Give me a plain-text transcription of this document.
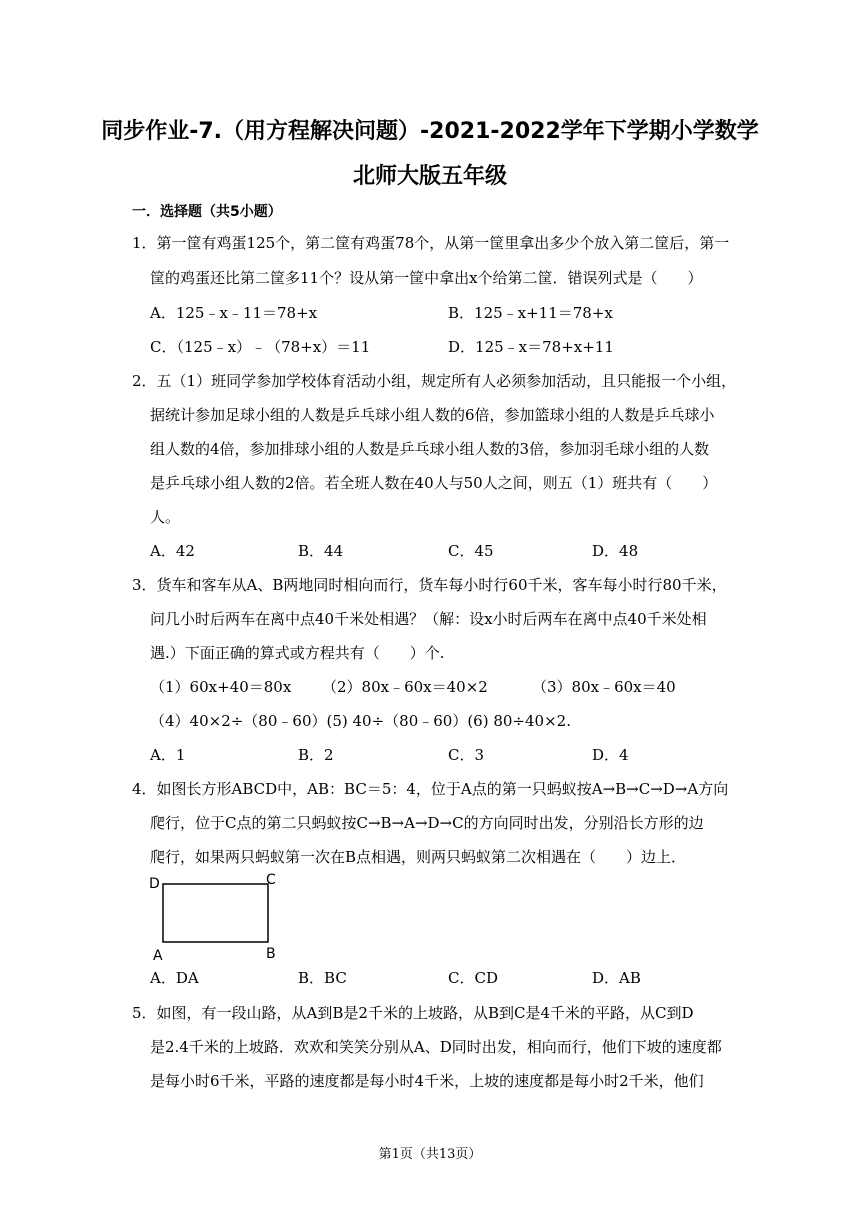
同步作业-7.（用方程解决问题）-2021-2022学年下学期小学数学
北师大版五年级
一．选择题（共5小题）
1．第一筐有鸡蛋125个，第二筐有鸡蛋78个，从第一筐里拿出多少个放入第二筐后，第一
筐的鸡蛋还比第二筐多11个？设从第一筐中拿出x个给第二筐．错误列式是（　　）
A．125﹣x﹣11＝78+x	B．125﹣x+11＝78+x
C．（125﹣x）﹣（78+x）＝11	D．125﹣x＝78+x+11
2．五（1）班同学参加学校体育活动小组，规定所有人必须参加活动，且只能报一个小组，
据统计参加足球小组的人数是乒乓球小组人数的6倍，参加篮球小组的人数是乒乓球小
组人数的4倍，参加排球小组的人数是乒乓球小组人数的3倍，参加羽毛球小组的人数
是乒乓球小组人数的2倍。若全班人数在40人与50人之间，则五（1）班共有（　　）
人。
A．42	B．44	C．45	D．48
3．货车和客车从A、B两地同时相向而行，货车每小时行60千米，客车每小时行80千米，
问几小时后两车在离中点40千米处相遇？（解：设x小时后两车在离中点40千米处相
遇.）下面正确的算式或方程共有（　　）个.
（1）60x+40＝80x （2）80x﹣60x＝40×2	（3）80x﹣60x＝40
（4）40×2÷（80﹣60）(5) 40÷（80﹣60）(6) 80÷40×2.
A．1	B．2	C．3	D．4
4．如图长方形ABCD中，AB：BC＝5：4，位于A点的第一只蚂蚁按A→B→C→D→A方向
爬行，位于C点的第二只蚂蚁按C→B→A→D→C的方向同时出发，分别沿长方形的边
爬行，如果两只蚂蚁第一次在B点相遇，则两只蚂蚁第二次相遇在（　　）边上．
D	C
A	B
A．DA	B．BC	C．CD	D．AB
5．如图，有一段山路，从A到B是2千米的上坡路，从B到C是4千米的平路，从C到D
是2.4千米的上坡路．欢欢和笑笑分别从A、D同时出发，相向而行，他们下坡的速度都
是每小时6千米，平路的速度都是每小时4千米，上坡的速度都是每小时2千米，他们
第1页（共13页）
